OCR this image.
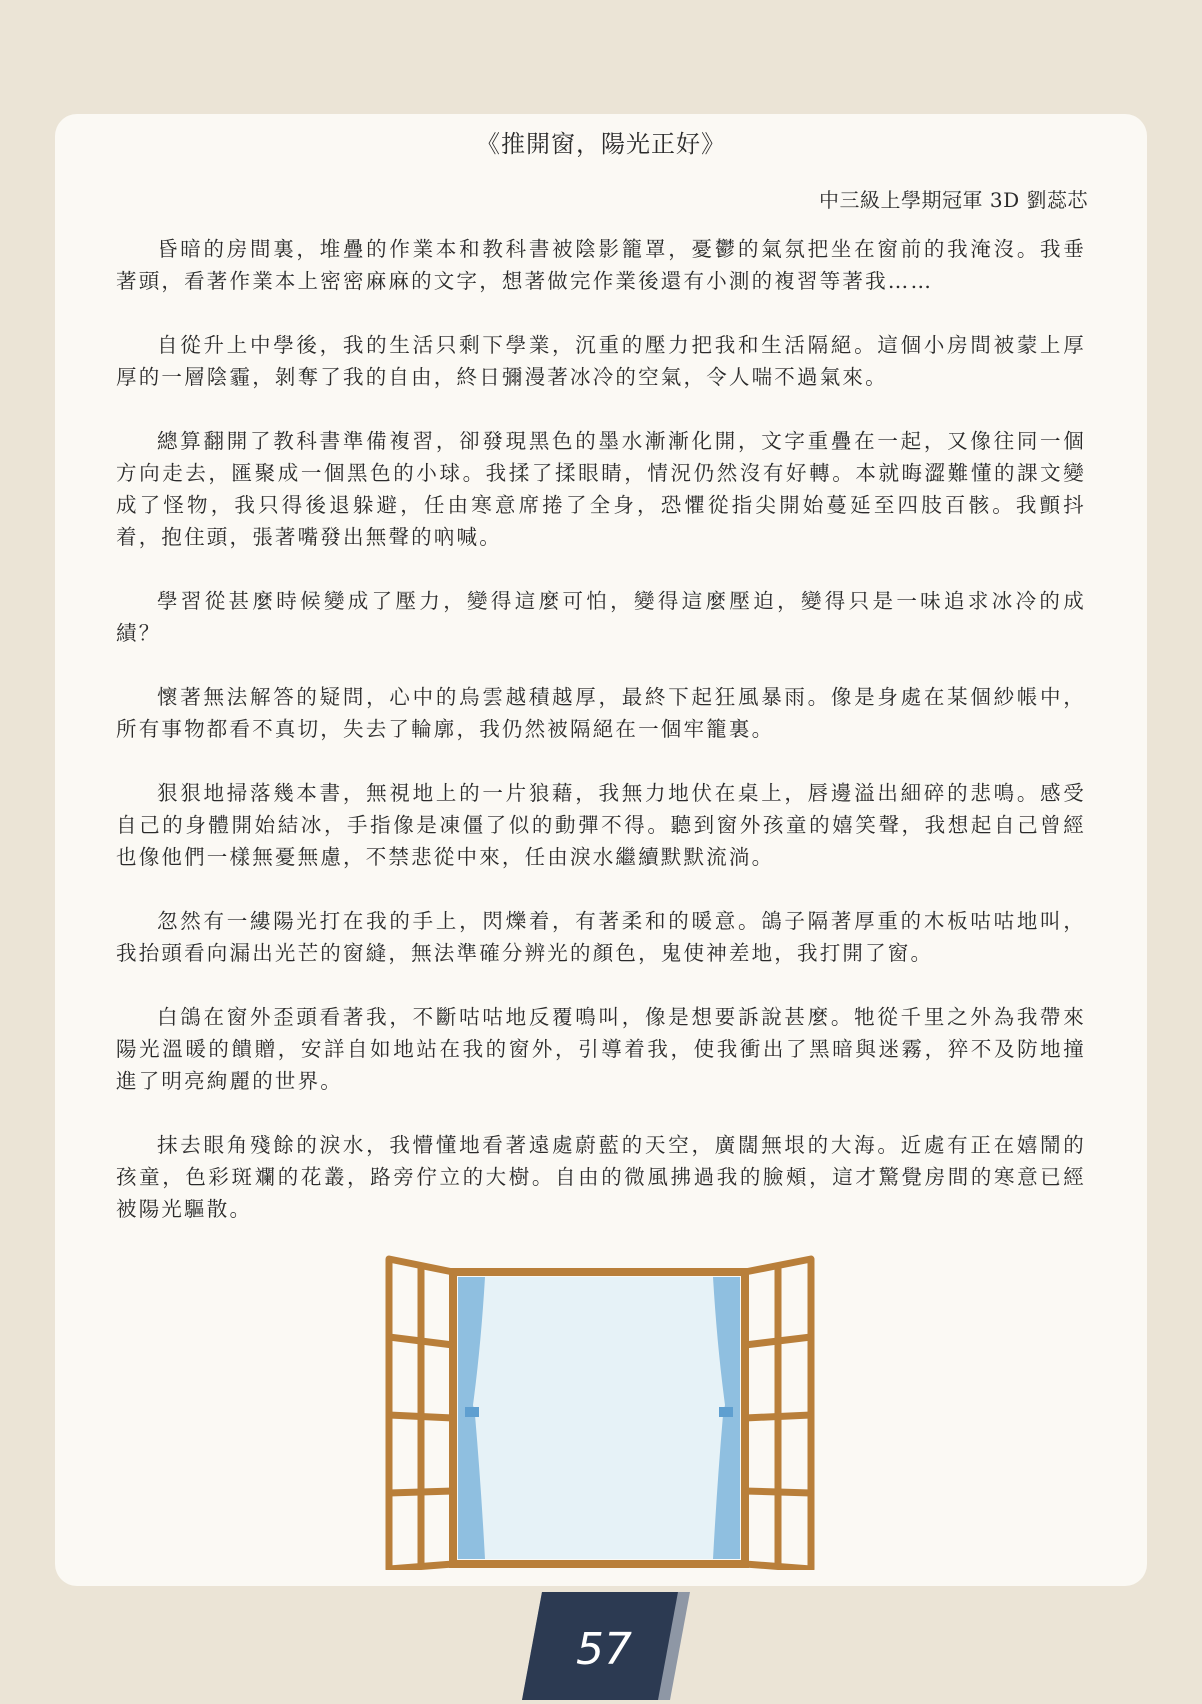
《推開窗，陽光正好》
中三級上學期冠軍 3D 劉蕊芯

昏暗的房間裏，堆疊的作業本和教科書被陰影籠罩，憂鬱的氣氛把坐在窗前的我淹沒。我垂著頭，看著作業本上密密麻麻的文字，想著做完作業後還有小測的複習等著我……

自從升上中學後，我的生活只剩下學業，沉重的壓力把我和生活隔絕。這個小房間被蒙上厚厚的一層陰霾，剝奪了我的自由，終日彌漫著冰冷的空氣，令人喘不過氣來。

總算翻開了教科書準備複習，卻發現黑色的墨水漸漸化開，文字重疊在一起，又像往同一個方向走去，匯聚成一個黑色的小球。我揉了揉眼睛，情況仍然沒有好轉。本就晦澀難懂的課文變成了怪物，我只得後退躲避，任由寒意席捲了全身，恐懼從指尖開始蔓延至四肢百骸。我顫抖着，抱住頭，張著嘴發出無聲的吶喊。

學習從甚麼時候變成了壓力，變得這麼可怕，變得這麼壓迫，變得只是一味追求冰冷的成績？

懷著無法解答的疑問，心中的烏雲越積越厚，最終下起狂風暴雨。像是身處在某個紗帳中，所有事物都看不真切，失去了輪廓，我仍然被隔絕在一個牢籠裏。

狠狠地掃落幾本書，無視地上的一片狼藉，我無力地伏在桌上，唇邊溢出細碎的悲鳴。感受自己的身體開始結冰，手指像是凍僵了似的動彈不得。聽到窗外孩童的嬉笑聲，我想起自己曾經也像他們一樣無憂無慮，不禁悲從中來，任由淚水繼續默默流淌。

忽然有一縷陽光打在我的手上，閃爍着，有著柔和的暖意。鴿子隔著厚重的木板咕咕地叫，我抬頭看向漏出光芒的窗縫，無法準確分辨光的顏色，鬼使神差地，我打開了窗。

白鴿在窗外歪頭看著我，不斷咕咕地反覆鳴叫，像是想要訴說甚麼。牠從千里之外為我帶來陽光溫暖的饋贈，安詳自如地站在我的窗外，引導着我，使我衝出了黑暗與迷霧，猝不及防地撞進了明亮絢麗的世界。

抹去眼角殘餘的淚水，我懵懂地看著遠處蔚藍的天空，廣闊無垠的大海。近處有正在嬉鬧的孩童，色彩斑斕的花叢，路旁佇立的大樹。自由的微風拂過我的臉頰，這才驚覺房間的寒意已經被陽光驅散。

57
